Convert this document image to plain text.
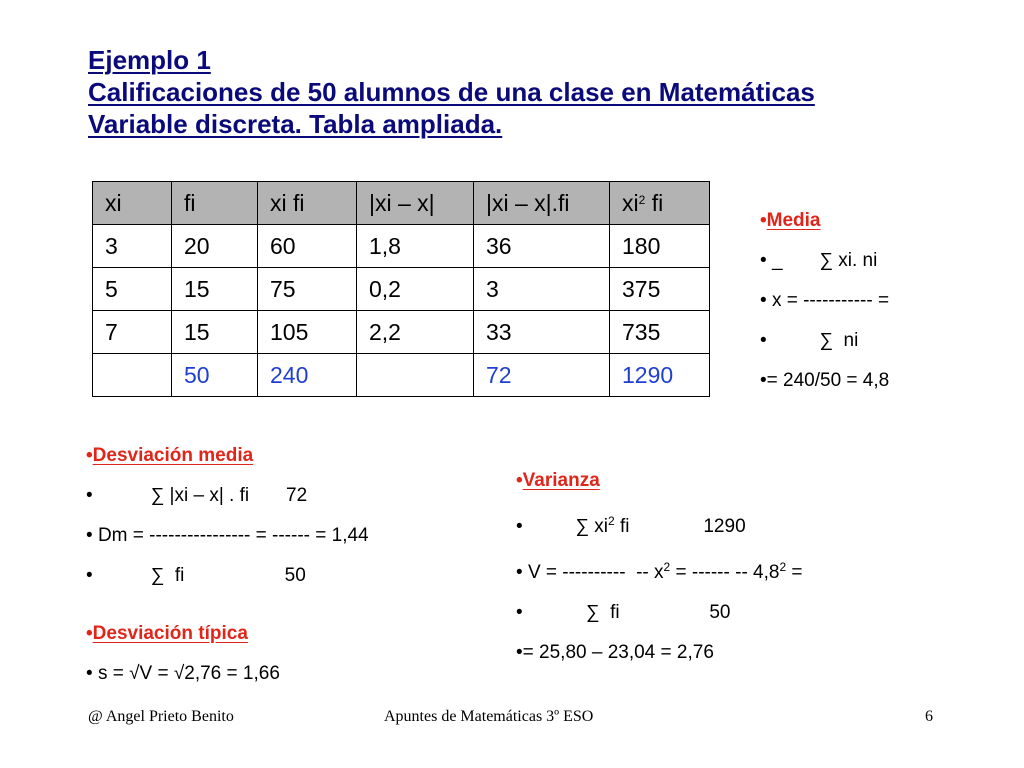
Ejemplo 1
Calificaciones de 50 alumnos de una clase en Matemáticas
Variable discreta. Tabla ampliada.
xi	fi	xi fi	|xi – x|	|xi – x|.fi	$xi^2$ fi
3	20	60	1,8	36	180
5	15	75	0,2	3	375
7	15	105	2,2	33	735
	50	240		72	1290
•Media
• _       ∑ xi. ni
• x = ----------- =
•          ∑  ni
•= 240/50 = 4,8
•Desviación media
•           ∑ |xi – x| . fi       72
• Dm = ---------------- = ------ = 1,44
•           ∑  fi                   50
•Desviación típica
• s = √V = √2,76 = 1,66
•Varianza
•          ∑ $xi^2$ fi              1290
• V = ----------  -- $x^2$ = ------ -- $4,8^2$ =
•            ∑  fi                 50
•= 25,80 – 23,04 = 2,76
@ Angel Prieto Benito	Apuntes de Matemáticas 3º ESO	6
